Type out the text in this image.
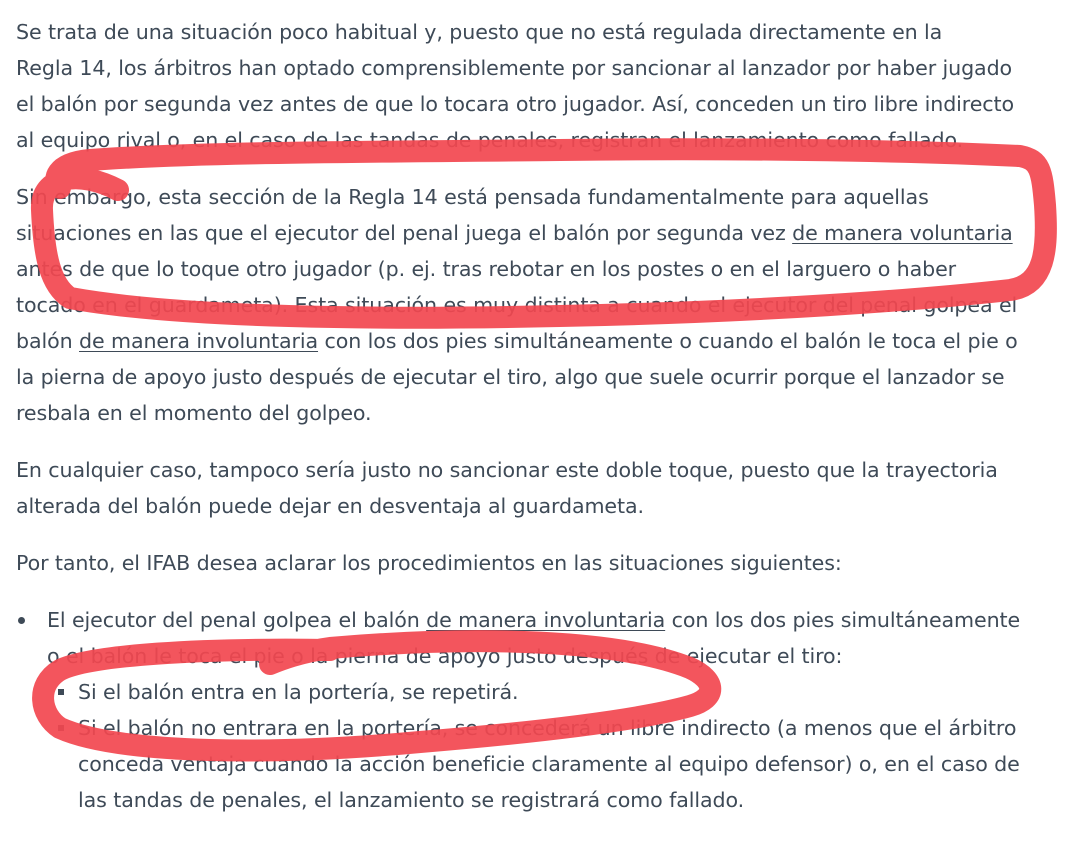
Se trata de una situación poco habitual y, puesto que no está regulada directamente en la
Regla 14, los árbitros han optado comprensiblemente por sancionar al lanzador por haber jugado
el balón por segunda vez antes de que lo tocara otro jugador. Así, conceden un tiro libre indirecto
al equipo rival o, en el caso de las tandas de penales, registran el lanzamiento como fallado.

Sin embargo, esta sección de la Regla 14 está pensada fundamentalmente para aquellas
situaciones en las que el ejecutor del penal juega el balón por segunda vez de manera voluntaria
antes de que lo toque otro jugador (p. ej. tras rebotar en los postes o en el larguero o haber
tocado en el guardameta). Esta situación es muy distinta a cuando el ejecutor del penal golpea el
balón de manera involuntaria con los dos pies simultáneamente o cuando el balón le toca el pie o
la pierna de apoyo justo después de ejecutar el tiro, algo que suele ocurrir porque el lanzador se
resbala en el momento del golpeo.

En cualquier caso, tampoco sería justo no sancionar este doble toque, puesto que la trayectoria
alterada del balón puede dejar en desventaja al guardameta.

Por tanto, el IFAB desea aclarar los procedimientos en las situaciones siguientes:

El ejecutor del penal golpea el balón de manera involuntaria con los dos pies simultáneamente
o el balón le toca el pie o la pierna de apoyo justo después de ejecutar el tiro:
Si el balón entra en la portería, se repetirá.
Si el balón no entrara en la portería, se concederá un libre indirecto (a menos que el árbitro
conceda ventaja cuando la acción beneficie claramente al equipo defensor) o, en el caso de
las tandas de penales, el lanzamiento se registrará como fallado.
